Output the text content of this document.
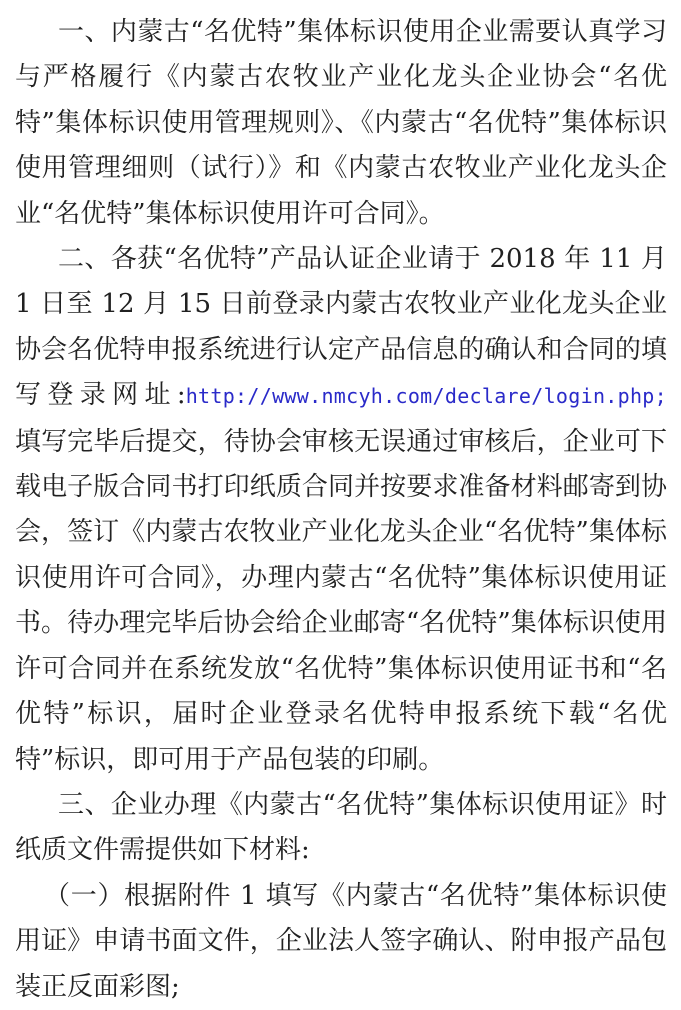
一、内蒙古“名优特”集体标识使用企业需要认真学习与严格履行《内蒙古农牧业产业化龙头企业协会“名优特”集体标识使用管理规则》、《内蒙古“名优特”集体标识使用管理细则（试行）》和《内蒙古农牧业产业化龙头企业“名优特”集体标识使用许可合同》。

二、各获“名优特”产品认证企业请于 2018 年 11 月 1 日至 12 月 15 日前登录内蒙古农牧业产业化龙头企业协会名优特申报系统进行认定产品信息的确认和合同的填写登录网址:http://www.nmcyh.com/declare/login.php; 填写完毕后提交，待协会审核无误通过审核后，企业可下载电子版合同书打印纸质合同并按要求准备材料邮寄到协会，签订《内蒙古农牧业产业化龙头企业“名优特”集体标识使用许可合同》，办理内蒙古“名优特”集体标识使用证书。待办理完毕后协会给企业邮寄“名优特”集体标识使用许可合同并在系统发放“名优特”集体标识使用证书和“名优特”标识，届时企业登录名优特申报系统下载“名优特”标识，即可用于产品包装的印刷。

三、企业办理《内蒙古“名优特”集体标识使用证》时纸质文件需提供如下材料:

（一）根据附件 1 填写《内蒙古“名优特”集体标识使用证》申请书面文件，企业法人签字确认、附申报产品包装正反面彩图;
